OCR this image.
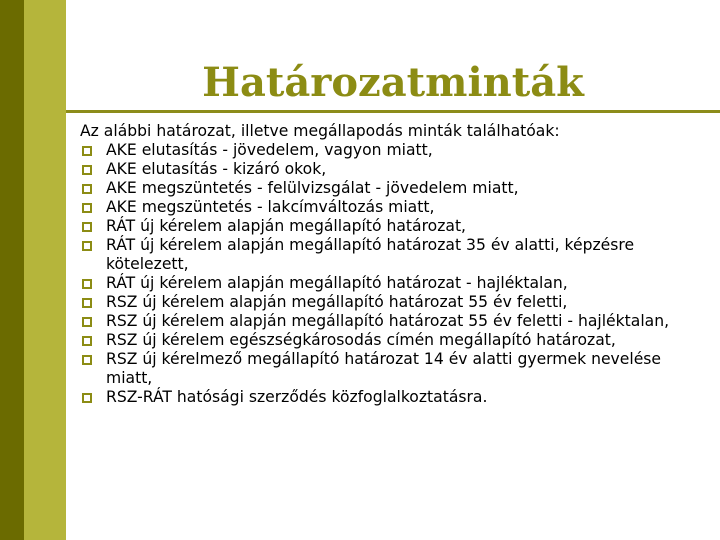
Határozatminták

Az alábbi határozat, illetve megállapodás minták találhatóak:

AKE elutasítás - jövedelem, vagyon miatt,
AKE elutasítás - kizáró okok,
AKE megszüntetés - felülvizsgálat - jövedelem miatt,
AKE megszüntetés - lakcímváltozás miatt,
RÁT új kérelem alapján megállapító határozat,
RÁT új kérelem alapján megállapító határozat 35 év alatti, képzésre kötelezett,
RÁT új kérelem alapján megállapító határozat - hajléktalan,
RSZ új kérelem alapján megállapító határozat 55 év feletti,
RSZ új kérelem alapján megállapító határozat 55 év feletti - hajléktalan,
RSZ új kérelem egészségkárosodás címén megállapító határozat,
RSZ új kérelmező megállapító határozat 14 év alatti gyermek nevelése miatt,
RSZ-RÁT hatósági szerződés közfoglalkoztatásra.
